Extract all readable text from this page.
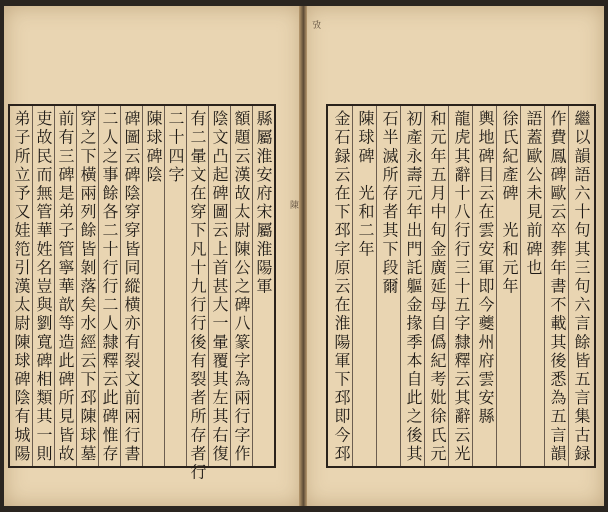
陳
攷
縣屬淮安府宋屬淮陽軍
額題云漢故太尉陳公之碑八篆字為兩行字作
陰文凸起碑圖云上首甚大一暈覆其左其右復
有二暈文在穿下凡十九行行後有裂者所存者行
二十四字
陳球碑陰
碑圖云碑陰穿穿皆同縱横亦有裂文前兩行書
二人之事餘各二十行行二人隸釋云此碑惟存
穿之下橫兩列餘皆剝落矣水經云下邳陳球墓
前有三碑是弟子管寧華歆等造此碑所見皆故
吏故民而無管華姓名豈與劉寬碑相類其一則
弟子所立予又娃笵引漢太尉陳球碑陰有城陽	繼以韻語六十句其三句六言餘皆五言集古録
作費鳳碑歐云卒葬年書不載其後悉為五言韻
語蓋歐公未見前碑也
徐氏紀產碑　光和元年
輿地碑目云在雲安軍即今夔州府雲安縣
龍虎其辭十八行行三十五字隸釋云其辭云光
和元年五月中旬金廣延母自僞紀考妣徐氏元
初產永壽元年出門託軀金掾季本自此之後其
石半滅所存者其下段爾
陳球碑　光和二年
金石録云在下邳字原云在淮陽軍下邳即今邳
